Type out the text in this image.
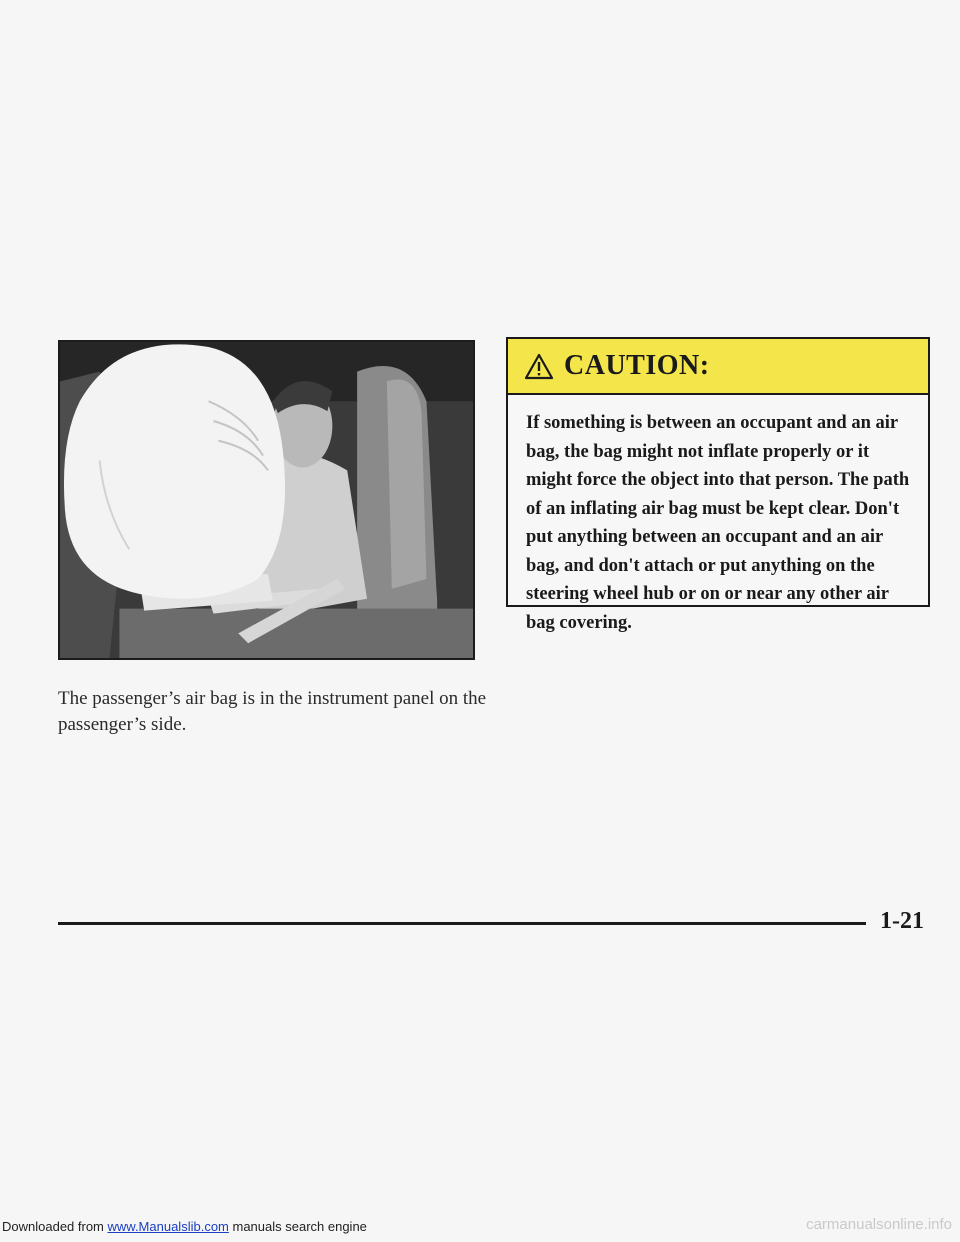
The passenger’s air bag is in the instrument panel on the passenger’s side.
CAUTION:
If something is between an occupant and an air bag, the bag might not inflate properly or it might force the object into that person. The path of an inflating air bag must be kept clear. Don't put anything between an occupant and an air bag, and don't attach or put anything on the steering wheel hub or on or near any other air bag covering.
1-21
Downloaded from www.Manualslib.com manuals search engine	carmanualsonline.info
